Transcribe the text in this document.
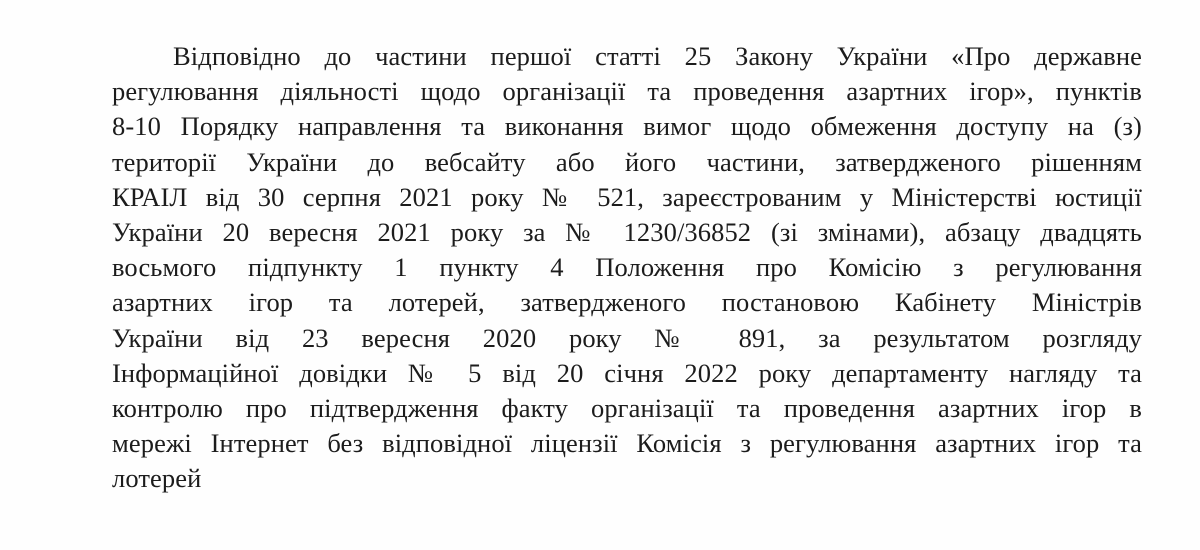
Відповідно до частини першої статті 25 Закону України «Про державне
регулювання діяльності щодо організації та проведення азартних ігор», пунктів
8-10 Порядку направлення та виконання вимог щодо обмеження доступу на (з)
території України до вебсайту або його частини, затвердженого рішенням
КРАІЛ від 30 серпня 2021 року № 521, зареєстрованим у Міністерстві юстиції
України 20 вересня 2021 року за № 1230/36852 (зі змінами), абзацу двадцять
восьмого підпункту 1 пункту 4 Положення про Комісію з регулювання
азартних ігор та лотерей, затвердженого постановою Кабінету Міністрів
України від 23 вересня 2020 року № 891, за результатом розгляду
Інформаційної довідки № 5 від 20 січня 2022 року департаменту нагляду та
контролю про підтвердження факту організації та проведення азартних ігор в
мережі Інтернет без відповідної ліцензії Комісія з регулювання азартних ігор та
лотерей
